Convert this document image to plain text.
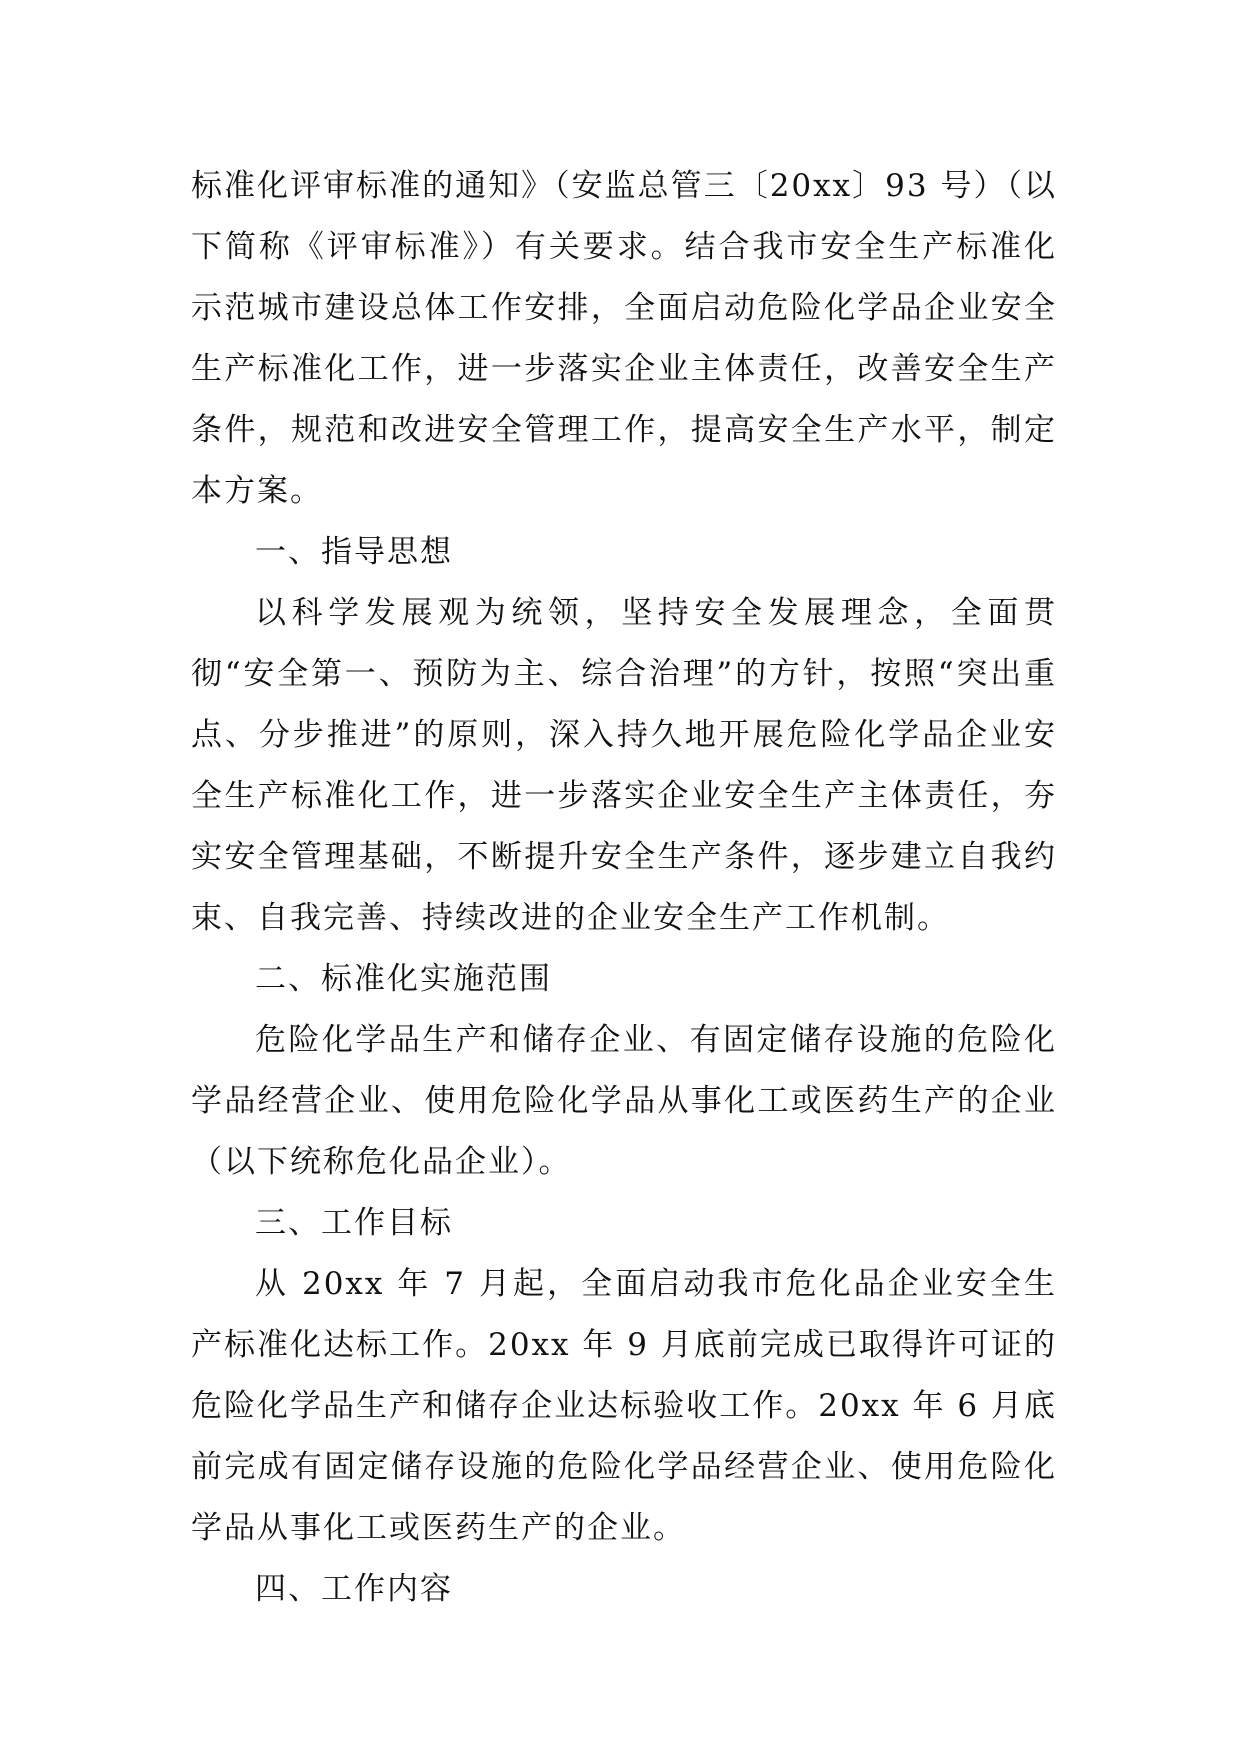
标准化评审标准的通知》（安监总管三〔20xx〕93 号）（以下简称《评审标准》）有关要求。结合我市安全生产标准化示范城市建设总体工作安排，全面启动危险化学品企业安全生产标准化工作，进一步落实企业主体责任，改善安全生产条件，规范和改进安全管理工作，提高安全生产水平，制定本方案。

一、指导思想

以科学发展观为统领，坚持安全发展理念，全面贯彻“安全第一、预防为主、综合治理”的方针，按照“突出重点、分步推进”的原则，深入持久地开展危险化学品企业安全生产标准化工作，进一步落实企业安全生产主体责任，夯实安全管理基础，不断提升安全生产条件，逐步建立自我约束、自我完善、持续改进的企业安全生产工作机制。

二、标准化实施范围

危险化学品生产和储存企业、有固定储存设施的危险化学品经营企业、使用危险化学品从事化工或医药生产的企业（以下统称危化品企业）。

三、工作目标

从 20xx 年 7 月起，全面启动我市危化品企业安全生产标准化达标工作。20xx 年 9 月底前完成已取得许可证的危险化学品生产和储存企业达标验收工作。20xx 年 6 月底前完成有固定储存设施的危险化学品经营企业、使用危险化学品从事化工或医药生产的企业。

四、工作内容
